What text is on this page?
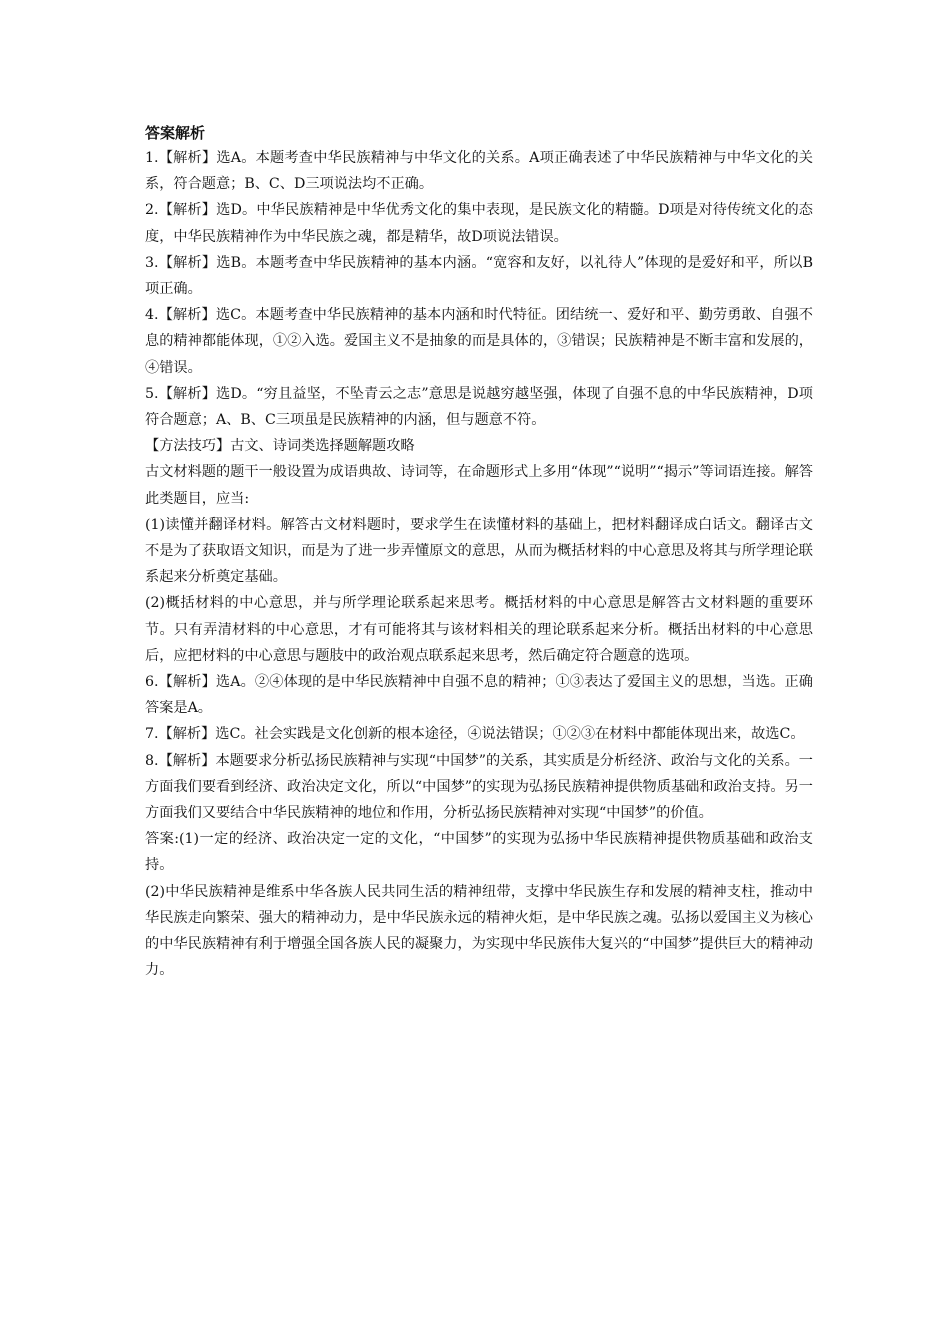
答案解析

1.【解析】选A。本题考查中华民族精神与中华文化的关系。A项正确表述了中华民族精神与中华文化的关系，符合题意；B、C、D三项说法均不正确。

2.【解析】选D。中华民族精神是中华优秀文化的集中表现，是民族文化的精髓。D项是对待传统文化的态度，中华民族精神作为中华民族之魂，都是精华，故D项说法错误。

3.【解析】选B。本题考查中华民族精神的基本内涵。“宽容和友好，以礼待人”体现的是爱好和平，所以B项正确。

4.【解析】选C。本题考查中华民族精神的基本内涵和时代特征。团结统一、爱好和平、勤劳勇敢、自强不息的精神都能体现，①②入选。爱国主义不是抽象的而是具体的，③错误；民族精神是不断丰富和发展的，④错误。

5.【解析】选D。“穷且益坚，不坠青云之志”意思是说越穷越坚强，体现了自强不息的中华民族精神，D项符合题意；A、B、C三项虽是民族精神的内涵，但与题意不符。

【方法技巧】古文、诗词类选择题解题攻略

古文材料题的题干一般设置为成语典故、诗词等，在命题形式上多用“体现”“说明”“揭示”等词语连接。解答此类题目，应当:

(1)读懂并翻译材料。解答古文材料题时，要求学生在读懂材料的基础上，把材料翻译成白话文。翻译古文不是为了获取语文知识，而是为了进一步弄懂原文的意思，从而为概括材料的中心意思及将其与所学理论联系起来分析奠定基础。

(2)概括材料的中心意思，并与所学理论联系起来思考。概括材料的中心意思是解答古文材料题的重要环节。只有弄清材料的中心意思，才有可能将其与该材料相关的理论联系起来分析。概括出材料的中心意思后，应把材料的中心意思与题肢中的政治观点联系起来思考，然后确定符合题意的选项。

6.【解析】选A。②④体现的是中华民族精神中自强不息的精神；①③表达了爱国主义的思想，当选。正确答案是A。

7.【解析】选C。社会实践是文化创新的根本途径，④说法错误；①②③在材料中都能体现出来，故选C。

8.【解析】本题要求分析弘扬民族精神与实现“中国梦”的关系，其实质是分析经济、政治与文化的关系。一方面我们要看到经济、政治决定文化，所以“中国梦”的实现为弘扬民族精神提供物质基础和政治支持。另一方面我们又要结合中华民族精神的地位和作用，分析弘扬民族精神对实现“中国梦”的价值。

答案:(1)一定的经济、政治决定一定的文化，“中国梦”的实现为弘扬中华民族精神提供物质基础和政治支持。

(2)中华民族精神是维系中华各族人民共同生活的精神纽带，支撑中华民族生存和发展的精神支柱，推动中华民族走向繁荣、强大的精神动力，是中华民族永远的精神火炬，是中华民族之魂。弘扬以爱国主义为核心的中华民族精神有利于增强全国各族人民的凝聚力，为实现中华民族伟大复兴的“中国梦”提供巨大的精神动力。
